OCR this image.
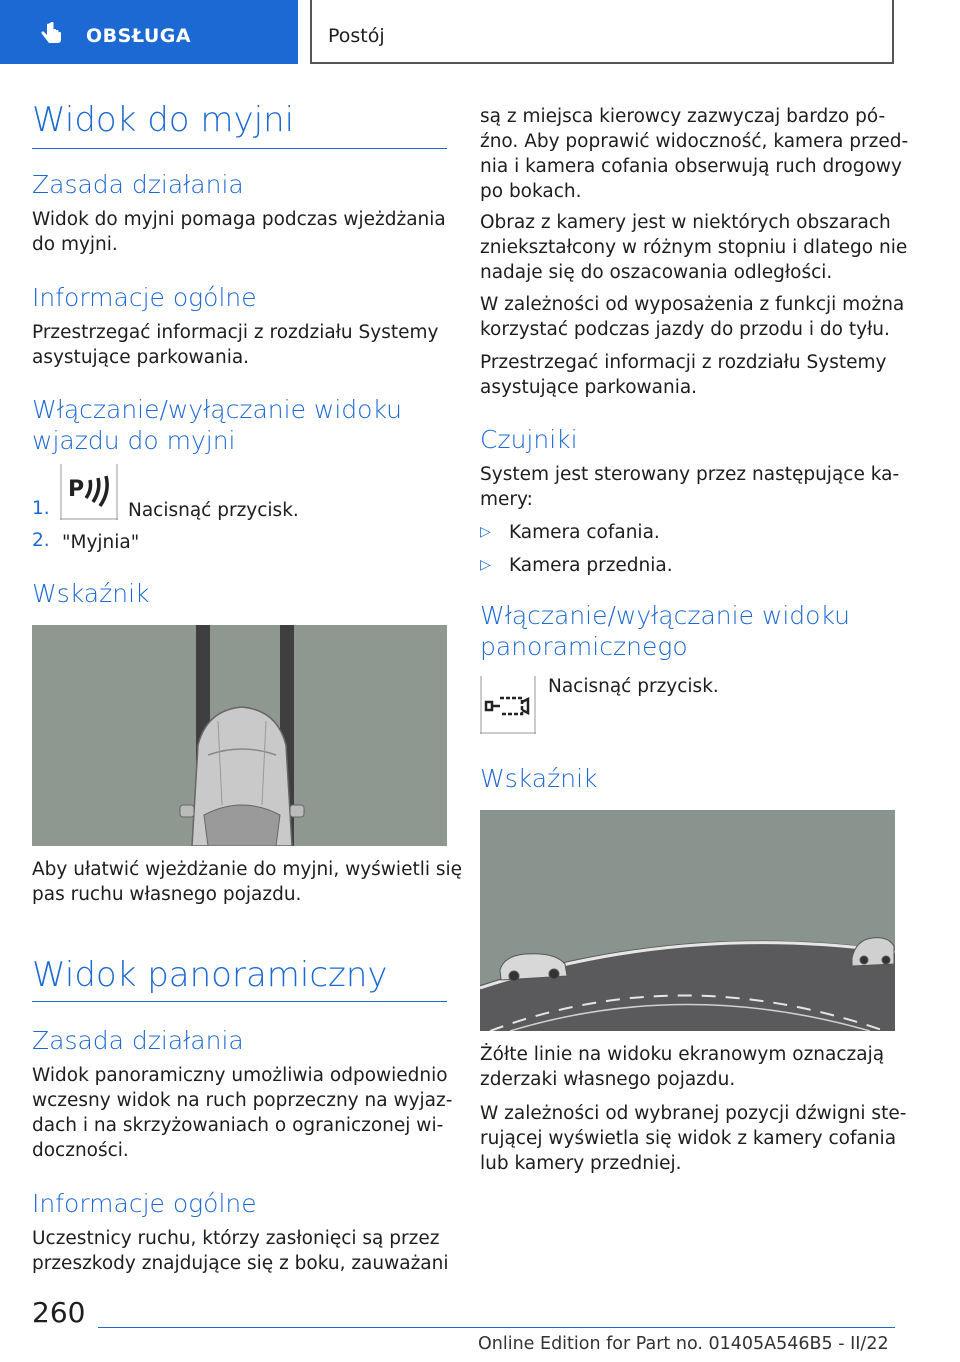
OBSŁUGA	Postój
Widok do myjni
Zasada działania
Widok do myjni pomaga podczas wjeżdżania
do myjni.
Informacje ogólne
Przestrzegać informacji z rozdziału Systemy
asystujące parkowania.
Włączanie/wyłączanie widoku
wjazdu do myjni
1.
P
Nacisnąć przycisk.
2. "Myjnia"
Wskaźnik
Aby ułatwić wjeżdżanie do myjni, wyświetli się
pas ruchu własnego pojazdu.
Widok panoramiczny
Zasada działania
Widok panoramiczny umożliwia odpowiednio
wczesny widok na ruch poprzeczny na wyjaz-
dach i na skrzyżowaniach o ograniczonej wi-
doczności.
Informacje ogólne
Uczestnicy ruchu, którzy zasłonięci są przez
przeszkody znajdujące się z boku, zauważani
są z miejsca kierowcy zazwyczaj bardzo pó-
źno. Aby poprawić widoczność, kamera przed-
nia i kamera cofania obserwują ruch drogowy
po bokach.
Obraz z kamery jest w niektórych obszarach
zniekształcony w różnym stopniu i dlatego nie
nadaje się do oszacowania odległości.
W zależności od wyposażenia z funkcji można
korzystać podczas jazdy do przodu i do tyłu.
Przestrzegać informacji z rozdziału Systemy
asystujące parkowania.
Czujniki
System jest sterowany przez następujące ka-
mery:
▷ Kamera cofania.
▷ Kamera przednia.
Włączanie/wyłączanie widoku
panoramicznego
Nacisnąć przycisk.
Wskaźnik
Żółte linie na widoku ekranowym oznaczają
zderzaki własnego pojazdu.
W zależności od wybranej pozycji dźwigni ste-
rującej wyświetla się widok z kamery cofania
lub kamery przedniej.
260
Online Edition for Part no. 01405A546B5 - II/22
